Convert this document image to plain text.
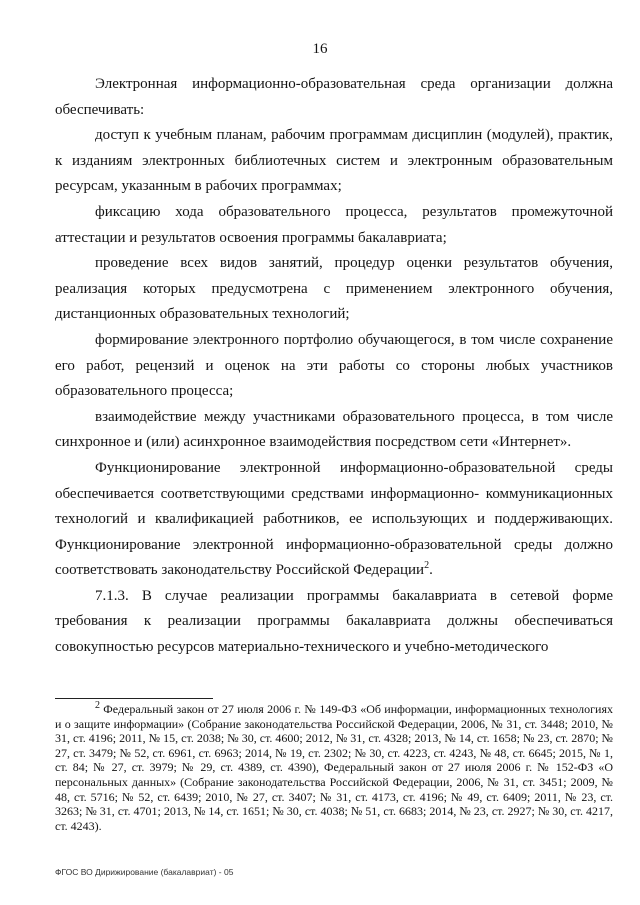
16

Электронная информационно-образовательная среда организации должна обеспечивать:

доступ к учебным планам, рабочим программам дисциплин (модулей), практик, к изданиям электронных библиотечных систем и электронным образовательным ресурсам, указанным в рабочих программах;

фиксацию хода образовательного процесса, результатов промежуточной аттестации и результатов освоения программы бакалавриата;

проведение всех видов занятий, процедур оценки результатов обучения, реализация которых предусмотрена с применением электронного обучения, дистанционных образовательных технологий;

формирование электронного портфолио обучающегося, в том числе сохранение его работ, рецензий и оценок на эти работы со стороны любых участников образовательного процесса;

взаимодействие между участниками образовательного процесса, в том числе синхронное и (или) асинхронное взаимодействия посредством сети «Интернет».

Функционирование электронной информационно-образовательной среды обеспечивается соответствующими средствами информационно- коммуникационных технологий и квалификацией работников, ее использующих и поддерживающих. Функционирование электронной информационно-образовательной среды должно соответствовать законодательству Российской Федерации$^2$.

7.1.3. В случае реализации программы бакалавриата в сетевой форме требования к реализации программы бакалавриата должны обеспечиваться совокупностью ресурсов материально-технического и учебно-методического

$^2$ Федеральный закон от 27 июля 2006 г. № 149-ФЗ «Об информации, информационных технологиях и о защите информации» (Собрание законодательства Российской Федерации, 2006, № 31, ст. 3448; 2010, № 31, ст. 4196; 2011, № 15, ст. 2038; № 30, ст. 4600; 2012, № 31, ст. 4328; 2013, № 14, ст. 1658; № 23, ст. 2870; № 27, ст. 3479; № 52, ст. 6961, ст. 6963; 2014, № 19, ст. 2302; № 30, ст. 4223, ст. 4243, № 48, ст. 6645; 2015, № 1, ст. 84; № 27, ст. 3979; № 29, ст. 4389, ст. 4390), Федеральный закон от 27 июля 2006 г. № 152-ФЗ «О персональных данных» (Собрание законодательства Российской Федерации, 2006, № 31, ст. 3451; 2009, № 48, ст. 5716; № 52, ст. 6439; 2010, № 27, ст. 3407; № 31, ст. 4173, ст. 4196; № 49, ст. 6409; 2011, № 23, ст. 3263; № 31, ст. 4701; 2013, № 14, ст. 1651; № 30, ст. 4038; № 51, ст. 6683; 2014, № 23, ст. 2927; № 30, ст. 4217, ст. 4243).

ФГОС ВО Дирижирование (бакалавриат) - 05
